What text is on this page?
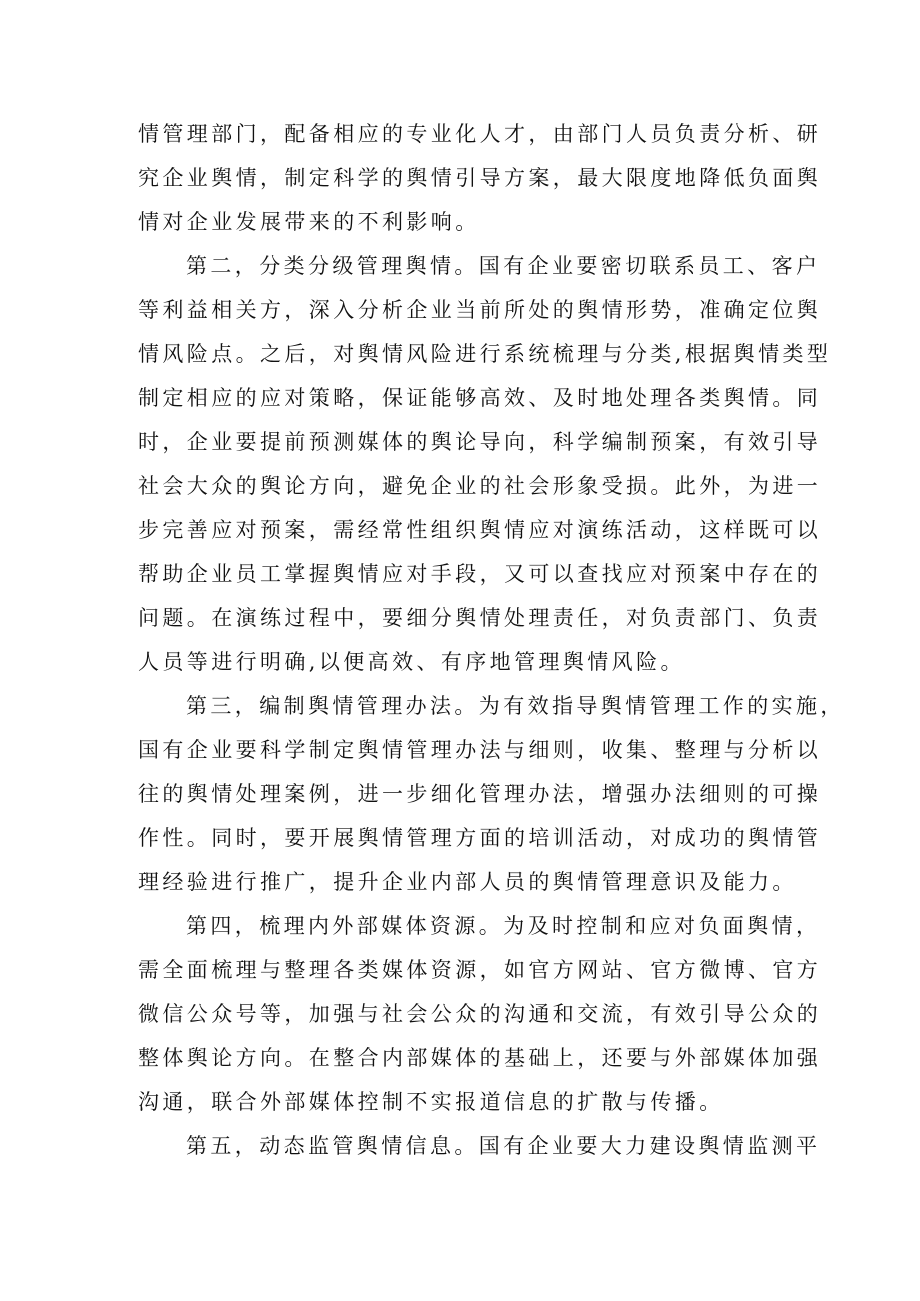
情管理部门，配备相应的专业化人才，由部门人员负责分析、研
究企业舆情，制定科学的舆情引导方案，最大限度地降低负面舆
情对企业发展带来的不利影响。
第二，分类分级管理舆情。国有企业要密切联系员工、客户
等利益相关方，深入分析企业当前所处的舆情形势，准确定位舆
情风险点。之后，对舆情风险进行系统梳理与分类,根据舆情类型
制定相应的应对策略，保证能够高效、及时地处理各类舆情。同
时，企业要提前预测媒体的舆论导向，科学编制预案，有效引导
社会大众的舆论方向，避免企业的社会形象受损。此外，为进一
步完善应对预案，需经常性组织舆情应对演练活动，这样既可以
帮助企业员工掌握舆情应对手段，又可以查找应对预案中存在的
问题。在演练过程中，要细分舆情处理责任，对负责部门、负责
人员等进行明确,以便高效、有序地管理舆情风险。
第三，编制舆情管理办法。为有效指导舆情管理工作的实施，
国有企业要科学制定舆情管理办法与细则，收集、整理与分析以
往的舆情处理案例，进一步细化管理办法，增强办法细则的可操
作性。同时，要开展舆情管理方面的培训活动，对成功的舆情管
理经验进行推广，提升企业内部人员的舆情管理意识及能力。
第四，梳理内外部媒体资源。为及时控制和应对负面舆情，
需全面梳理与整理各类媒体资源，如官方网站、官方微博、官方
微信公众号等，加强与社会公众的沟通和交流，有效引导公众的
整体舆论方向。在整合内部媒体的基础上，还要与外部媒体加强
沟通，联合外部媒体控制不实报道信息的扩散与传播。
第五，动态监管舆情信息。国有企业要大力建设舆情监测平
